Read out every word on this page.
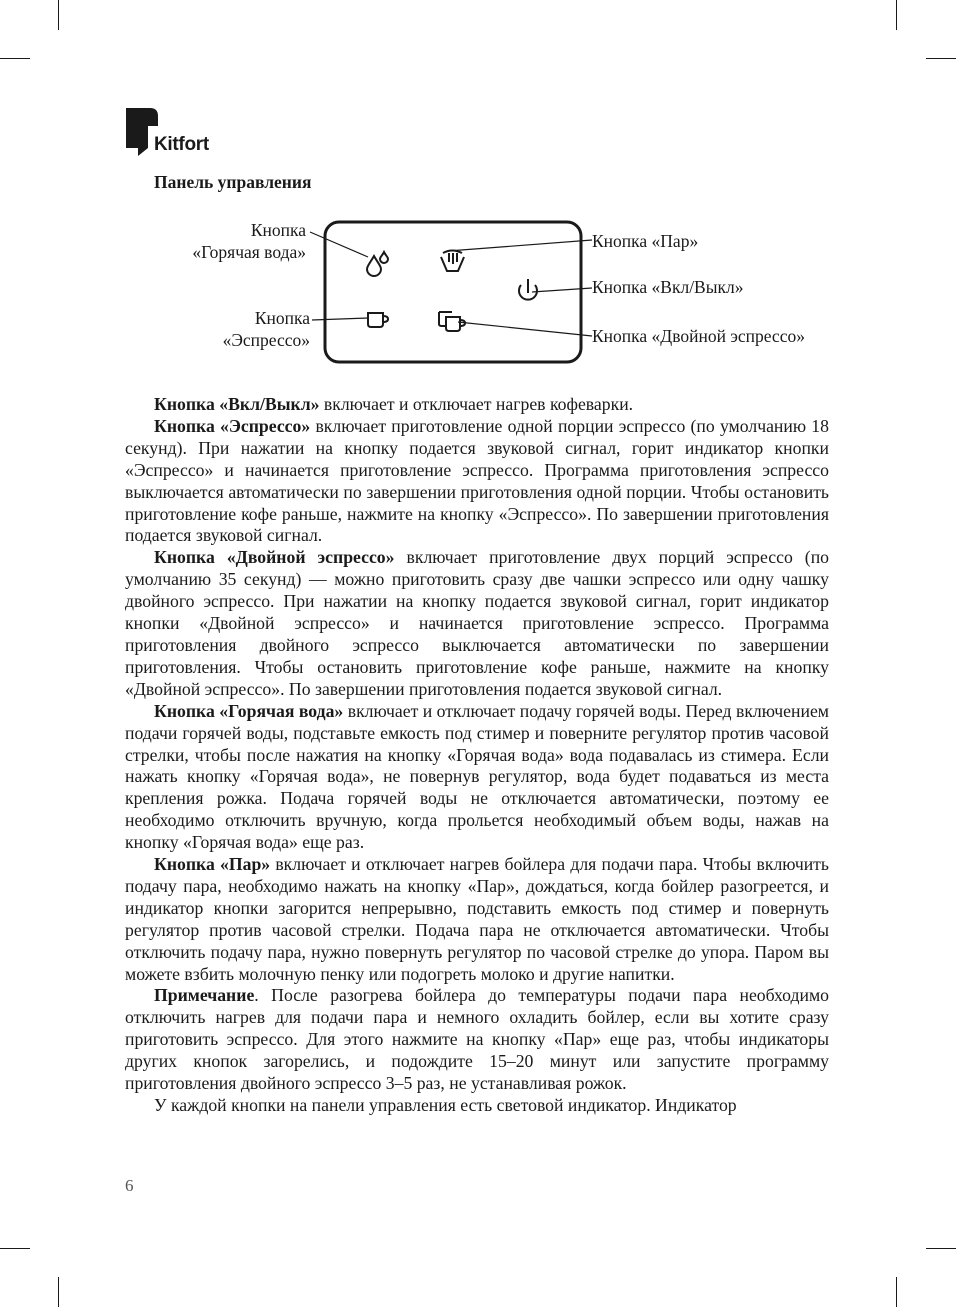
Kitfort
Панель управления
Кнопка
«Горячая вода»
Кнопка
«Эспрессо»
Кнопка «Пар»
Кнопка «Вкл/Выкл»
Кнопка «Двойной эспрессо»

Кнопка «Вкл/Выкл» включает и отключает нагрев кофеварки.

Кнопка «Эспрессо» включает приготовление одной порции эспрессо (по умолчанию 18 секунд). При нажатии на кнопку подается звуковой сигнал, горит индикатор кнопки «Эспрессо» и начинается приготовление эспрессо. Программа приготовления эспрессо выключается автоматически по завершении приготовления одной порции. Чтобы остановить приготовление кофе раньше, нажмите на кнопку «Эспрессо». По завершении приготовления подается звуковой сигнал.

Кнопка «Двойной эспрессо» включает приготовление двух порций эспрессо (по умолчанию 35 секунд) — можно приготовить сразу две чашки эспрессо или одну чашку двойного эспрессо. При нажатии на кнопку подается звуковой сигнал, горит индикатор кнопки «Двойной эспрессо» и начинается приготовление эспрессо. Программа приготовления двойного эспрессо выключается автоматически по завершении приготовления. Чтобы остановить приготовление кофе раньше, нажмите на кнопку «Двойной эспрессо». По завершении приготовления подается звуковой сигнал.

Кнопка «Горячая вода» включает и отключает подачу горячей воды. Перед включением подачи горячей воды, подставьте емкость под стимер и поверните регулятор против часовой стрелки, чтобы после нажатия на кнопку «Горячая вода» вода подавалась из стимера. Если нажать кнопку «Горячая вода», не повернув регулятор, вода будет подаваться из места крепления рожка. Подача горячей воды не отключается автоматически, поэтому ее необходимо отключить вручную, когда прольется необходимый объем воды, нажав на кнопку «Горячая вода» еще раз.

Кнопка «Пар» включает и отключает нагрев бойлера для подачи пара. Чтобы включить подачу пара, необходимо нажать на кнопку «Пар», дождаться, когда бойлер разогреется, и индикатор кнопки загорится непрерывно, подставить емкость под стимер и повернуть регулятор против часовой стрелки. Подача пара не отключается автоматически. Чтобы отключить подачу пара, нужно повернуть регулятор по часовой стрелке до упора. Паром вы можете взбить молочную пенку или подогреть молоко и другие напитки.

Примечание. После разогрева бойлера до температуры подачи пара необходимо отключить нагрев для подачи пара и немного охладить бойлер, если вы хотите сразу приготовить эспрессо. Для этого нажмите на кнопку «Пар» еще раз, чтобы индикаторы других кнопок загорелись, и подождите 15–20 минут или запустите программу приготовления двойного эспрессо 3–5 раз, не устанавливая рожок.

У каждой кнопки на панели управления есть световой индикатор. Индикатор

6
